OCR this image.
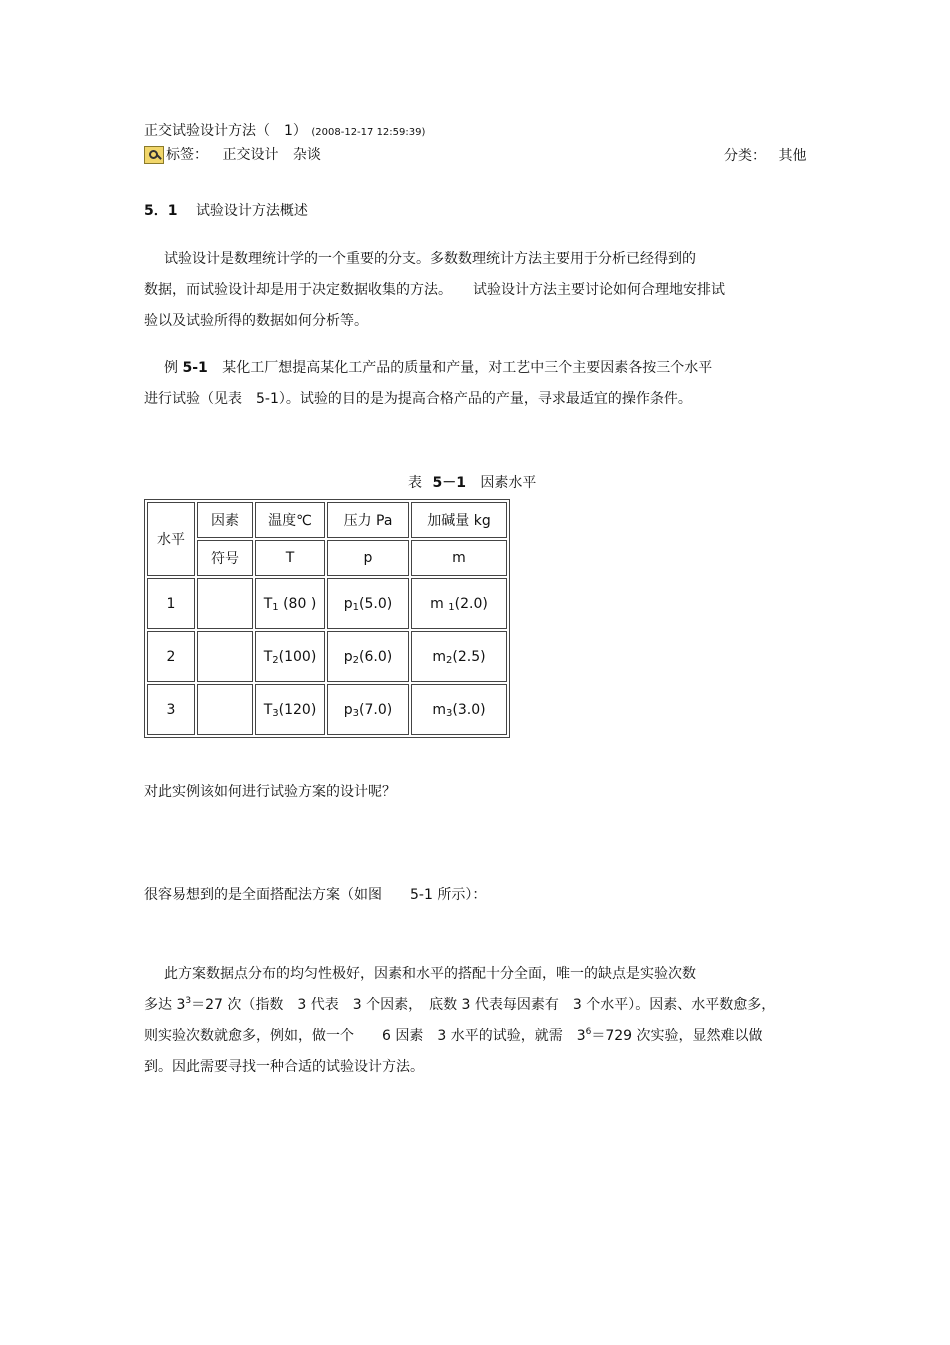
正交试验设计方法（　1） (2008-12-17 12:59:39)
标签： 正交设计 杂谈	分类： 其他
5．1 试验设计方法概述
试验设计是数理统计学的一个重要的分支。多数数理统计方法主要用于分析已经得到的
数据，而试验设计却是用于决定数据收集的方法。　　试验设计方法主要讨论如何合理地安排试
验以及试验所得的数据如何分析等。
例 5-1 某化工厂想提高某化工产品的质量和产量，对工艺中三个主要因素各按三个水平
进行试验（见表　5-1）。试验的目的是为提高合格产品的产量，寻求最适宜的操作条件。
表 5－1 因素水平
水平	因素	温度℃	压力 Pa	加碱量 kg
	符号	T	p	m
1		$T_1$ (80 )	$p_1(5.0)$	m $_1$(2.0)
2		$T_2(100)$	$p_2(6.0)$	$m_2(2.5)$
3		$T_3(120)$	$p_3(7.0)$	$m_3(3.0)$
对此实例该如何进行试验方案的设计呢？
很容易想到的是全面搭配法方案（如图　　5-1 所示）：
此方案数据点分布的均匀性极好，因素和水平的搭配十分全面，唯一的缺点是实验次数
多达 $3^3=27$ 次（指数　3 代表　3 个因素，　底数 3 代表每因素有　3 个水平）。因素、水平数愈多，
则实验次数就愈多，例如，做一个　　6 因素　3 水平的试验，就需　$3^6=729$ 次实验，显然难以做
到。因此需要寻找一种合适的试验设计方法。
